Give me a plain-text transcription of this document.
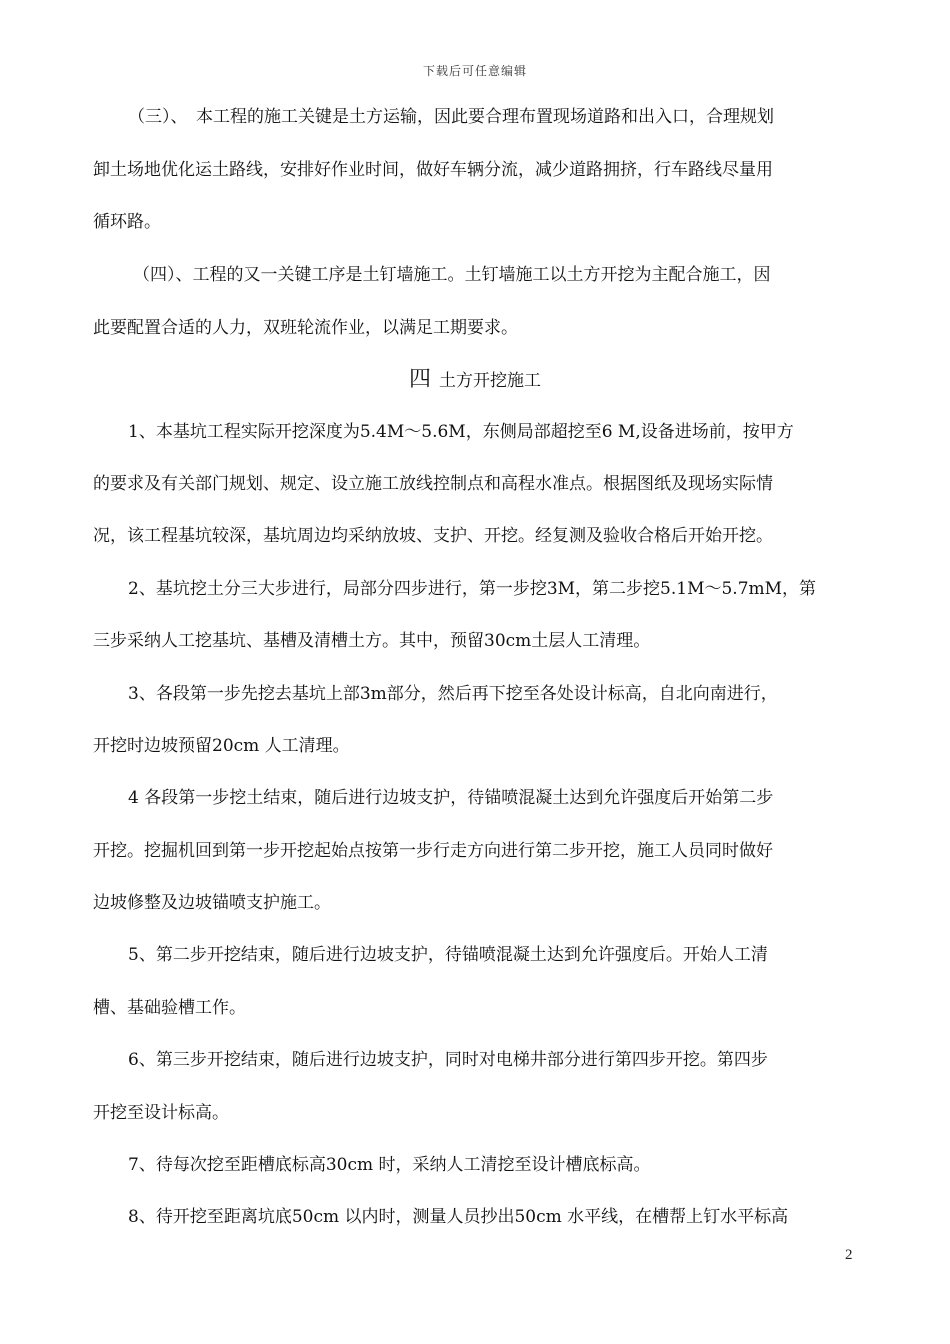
下载后可任意编辑
（三）、　本工程的施工关键是土方运输，因此要合理布置现场道路和出入口，合理规划
卸土场地优化运土路线，安排好作业时间，做好车辆分流，减少道路拥挤，行车路线尽量用
循环路。
（四）、工程的又一关键工序是土钉墙施工。土钉墙施工以土方开挖为主配合施工，因
此要配置合适的人力，双班轮流作业，以满足工期要求。
四 土方开挖施工
1、本基坑工程实际开挖深度为5.4M～5.6M，东侧局部超挖至6 M,设备进场前，按甲方
的要求及有关部门规划、规定、设立施工放线控制点和高程水准点。根据图纸及现场实际情
况，该工程基坑较深，基坑周边均采纳放坡、支护、开挖。经复测及验收合格后开始开挖。
2、基坑挖土分三大步进行，局部分四步进行，第一步挖3M，第二步挖5.1M～5.7mM，第
三步采纳人工挖基坑、基槽及清槽土方。其中，预留30cm土层人工清理。
3、各段第一步先挖去基坑上部3m部分，然后再下挖至各处设计标高，自北向南进行，
开挖时边坡预留20cm 人工清理。
4 各段第一步挖土结束，随后进行边坡支护，待锚喷混凝土达到允许强度后开始第二步
开挖。挖掘机回到第一步开挖起始点按第一步行走方向进行第二步开挖，施工人员同时做好
边坡修整及边坡锚喷支护施工。
5、第二步开挖结束，随后进行边坡支护，待锚喷混凝土达到允许强度后。开始人工清
槽、基础验槽工作。
6、第三步开挖结束，随后进行边坡支护，同时对电梯井部分进行第四步开挖。第四步
开挖至设计标高。
7、待每次挖至距槽底标高30cm 时，采纳人工清挖至设计槽底标高。
8、待开挖至距离坑底50cm 以内时，测量人员抄出50cm 水平线，在槽帮上钉水平标高
2
